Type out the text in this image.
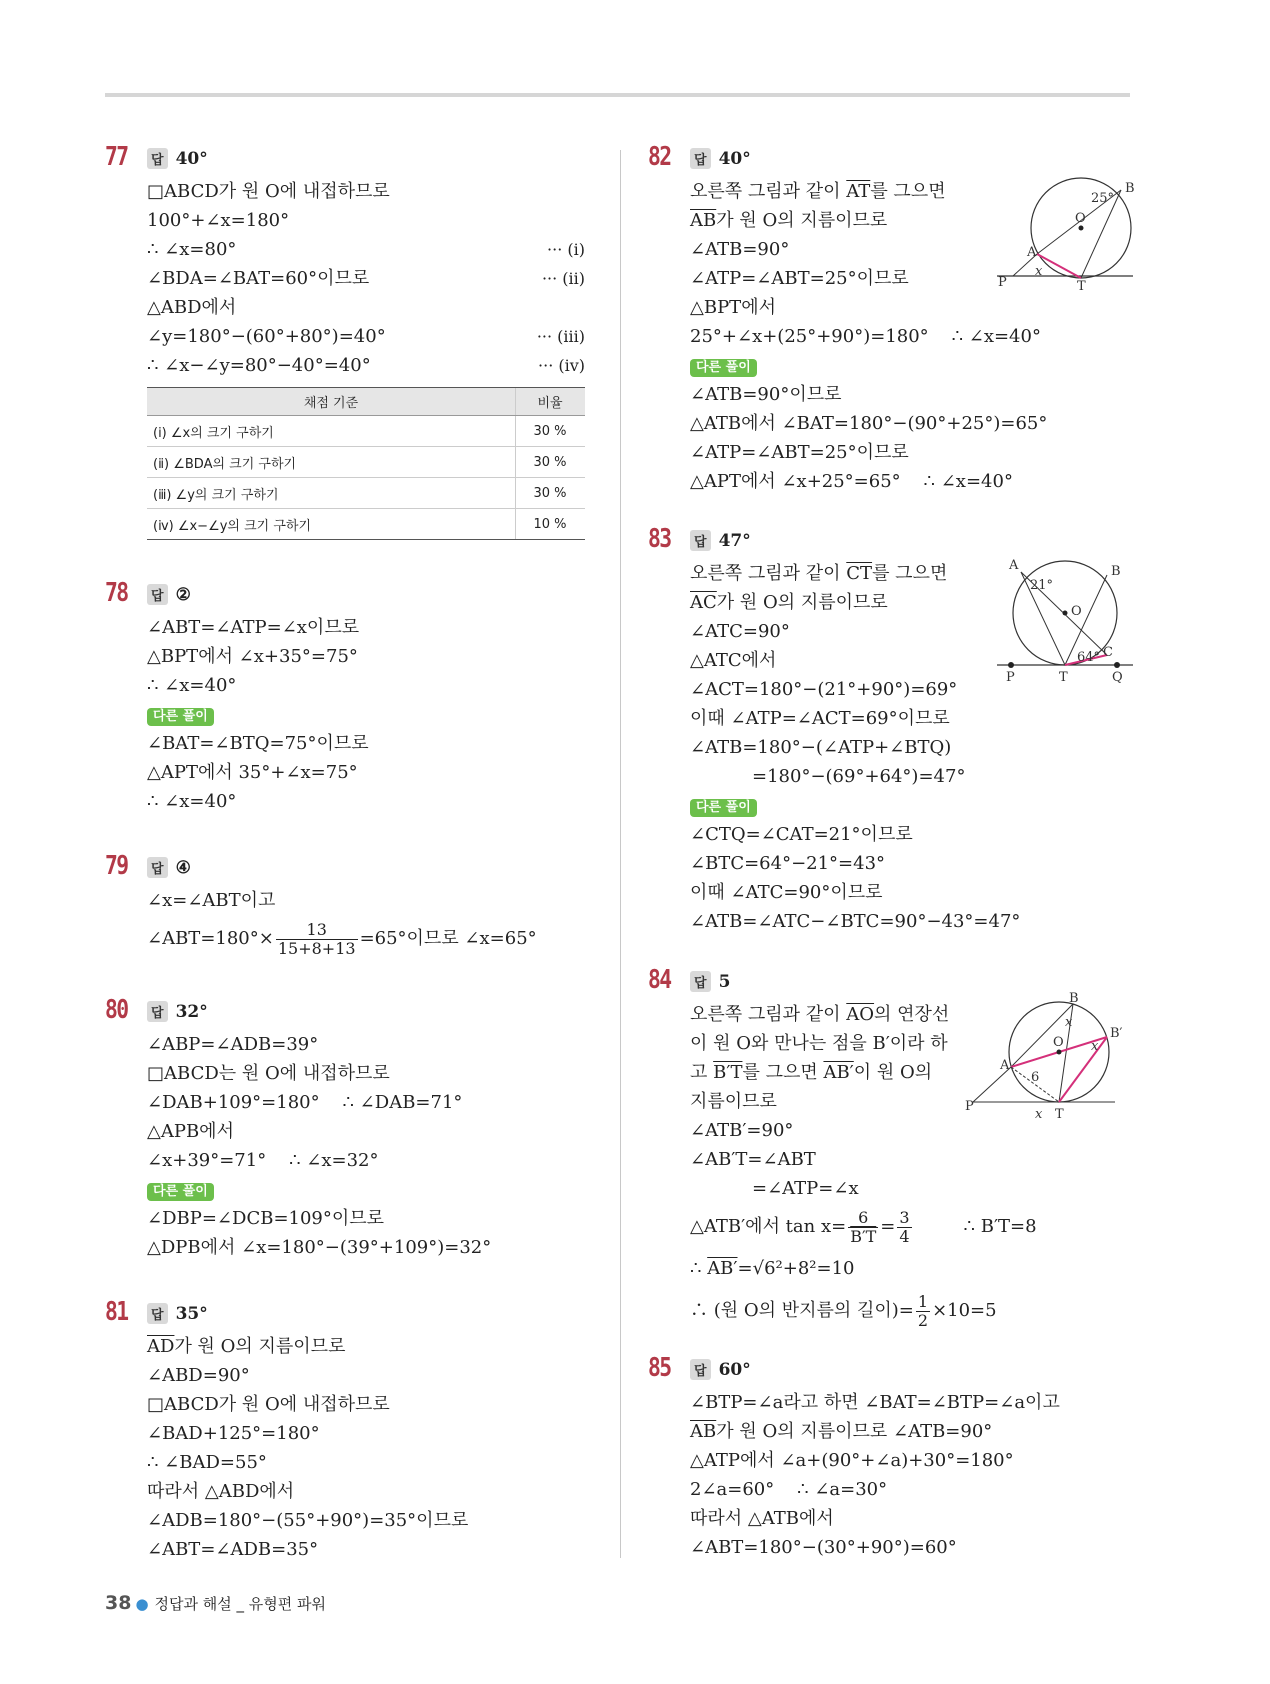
77	답 40°
□ABCD가 원 O에 내접하므로
100°+∠x=180°
∴ ∠x=80°	··· (ⅰ)
∠BDA=∠BAT=60°이므로	··· (ⅱ)
△ABD에서
∠y=180°−(60°+80°)=40°	··· (ⅲ)
∴ ∠x−∠y=80°−40°=40°	··· (ⅳ)
채점 기준	비율
(ⅰ) ∠x의 크기 구하기	30 %
(ⅱ) ∠BDA의 크기 구하기	30 %
(ⅲ) ∠y의 크기 구하기	30 %
(ⅳ) ∠x−∠y의 크기 구하기	10 %
78	답 ②
∠ABT=∠ATP=∠x이므로
△BPT에서 ∠x+35°=75°
∴ ∠x=40°
다른 풀이
∠BAT=∠BTQ=75°이므로
△APT에서 35°+∠x=75°
∴ ∠x=40°
79	답 ④
∠x=∠ABT이고
∠ABT=180°× $\frac{13}{15+8+13} =65^\circ$이므로 ∠x=65°
80	답 32°
∠ABP=∠ADB=39°
□ABCD는 원 O에 내접하므로
∠DAB+109°=180°    ∴ ∠DAB=71°
△APB에서
∠x+39°=71°    ∴ ∠x=32°
다른 풀이
∠DBP=∠DCB=109°이므로
△DPB에서 ∠x=180°−(39°+109°)=32°
81	답 35°
$\overline{AD}$가 원 O의 지름이므로
∠ABD=90°
□ABCD가 원 O에 내접하므로
∠BAD+125°=180°
∴ ∠BAD=55°
따라서 △ABD에서
∠ADB=180°−(55°+90°)=35°이므로
∠ABT=∠ADB=35°
82	답 40°
오른쪽 그림과 같이 $\overline{AT}$를 그으면
$\overline{AB}$가 원 O의 지름이므로
∠ATB=90°
∠ATP=∠ABT=25°이므로
△BPT에서
25°+∠x+(25°+90°)=180°    ∴ ∠x=40°
다른 풀이
∠ATB=90°이므로
△ATB에서 ∠BAT=180°−(90°+25°)=65°
∠ATP=∠ABT=25°이므로
△APT에서 ∠x+25°=65°    ∴ ∠x=40°
O
B
A
P	T
x
25°
83	답 47°
오른쪽 그림과 같이 $\overline{CT}$를 그으면
$\overline{AC}$가 원 O의 지름이므로
∠ATC=90°
△ATC에서
∠ACT=180°−(21°+90°)=69°
이때 ∠ATP=∠ACT=69°이므로
∠ATB=180°−(∠ATP+∠BTQ)
=180°−(69°+64°)=47°
다른 풀이
∠CTQ=∠CAT=21°이므로
∠BTC=64°−21°=43°
이때 ∠ATC=90°이므로
∠ATB=∠ATC−∠BTC=90°−43°=47°
O
A	B
C
P	T	Q
21°
64°
84	답 5
오른쪽 그림과 같이 $\overline{AO}$의 연장선
이 원 O와 만나는 점을 B′이라 하
고 B′T를 그으면 AB′이 원 O의
지름이므로
∠ATB′=90°
∠AB′T=∠ABT
=∠ATP=∠x
△ATB′에서 $\tan x= \frac{6}{B'T} = \frac{3}{4}$	∴ B′T=8
∴ AB′=√6²+8²=10
∴ (원 O의 반지름의 길이)= $\frac{1}{2} \times 10=5$
O
B
B′
A
P
T
x
x
x
6
85	답 60°
∠BTP=∠a라고 하면 ∠BAT=∠BTP=∠a이고
$\overline{AB}$가 원 O의 지름이므로 ∠ATB=90°
△ATP에서 ∠a+(90°+∠a)+30°=180°
2∠a=60°    ∴ ∠a=30°
따라서 △ATB에서
∠ABT=180°−(30°+90°)=60°
38 ● 정답과 해설 _ 유형편 파워
